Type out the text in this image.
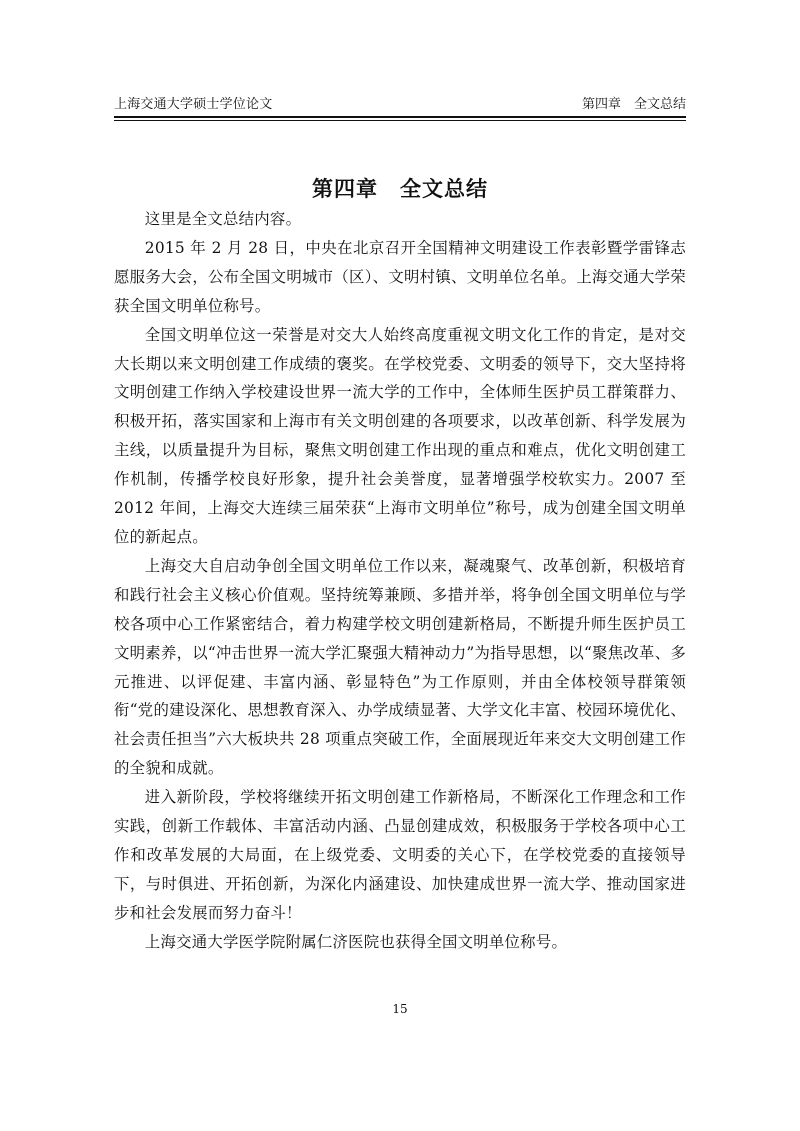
上海交通大学硕士学位论文	第四章　全文总结
第四章　全文总结

这里是全文总结内容。

2015 年 2 月 28 日，中央在北京召开全国精神文明建设工作表彰暨学雷锋志愿服务大会，公布全国文明城市（区）、文明村镇、文明单位名单。上海交通大学荣获全国文明单位称号。

全国文明单位这一荣誉是对交大人始终高度重视文明文化工作的肯定，是对交大长期以来文明创建工作成绩的褒奖。在学校党委、文明委的领导下，交大坚持将文明创建工作纳入学校建设世界一流大学的工作中，全体师生医护员工群策群力、积极开拓，落实国家和上海市有关文明创建的各项要求，以改革创新、科学发展为主线，以质量提升为目标，聚焦文明创建工作出现的重点和难点，优化文明创建工作机制，传播学校良好形象，提升社会美誉度，显著增强学校软实力。2007 至 2012 年间，上海交大连续三届荣获“上海市文明单位”称号，成为创建全国文明单位的新起点。

上海交大自启动争创全国文明单位工作以来，凝魂聚气、改革创新，积极培育和践行社会主义核心价值观。坚持统筹兼顾、多措并举，将争创全国文明单位与学校各项中心工作紧密结合，着力构建学校文明创建新格局，不断提升师生医护员工文明素养，以“冲击世界一流大学汇聚强大精神动力”为指导思想，以“聚焦改革、多元推进、以评促建、丰富内涵、彰显特色”为工作原则，并由全体校领导群策领衔“党的建设深化、思想教育深入、办学成绩显著、大学文化丰富、校园环境优化、社会责任担当”六大板块共 28 项重点突破工作，全面展现近年来交大文明创建工作的全貌和成就。

进入新阶段，学校将继续开拓文明创建工作新格局，不断深化工作理念和工作实践，创新工作载体、丰富活动内涵、凸显创建成效，积极服务于学校各项中心工作和改革发展的大局面，在上级党委、文明委的关心下，在学校党委的直接领导下，与时俱进、开拓创新，为深化内涵建设、加快建成世界一流大学、推动国家进步和社会发展而努力奋斗！

上海交通大学医学院附属仁济医院也获得全国文明单位称号。

15
